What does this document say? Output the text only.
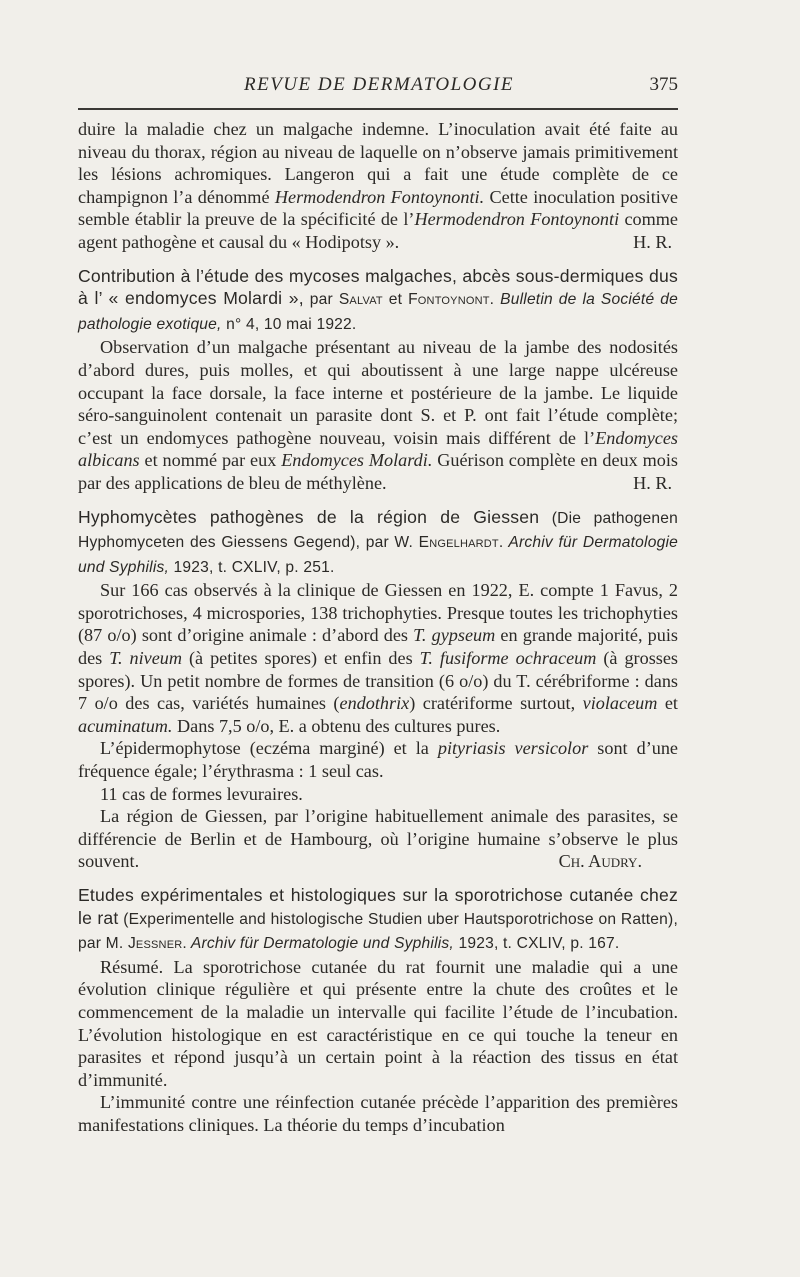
REVUE DE DERMATOLOGIE	375

duire la maladie chez un malgache indemne. L’inoculation avait été faite au niveau du thorax, région au niveau de laquelle on n’observe jamais primitivement les lésions achromiques. Langeron qui a fait une étude complète de ce champignon l’a dénommé Hermodendron Fontoynonti. Cette inoculation positive semble établir la preuve de la spécificité de l’Hermodendron Fontoynonti comme agent pathogène et causal du « Hodipotsy ».	H. R.

Contribution à l’étude des mycoses malgaches, abcès sous-dermiques dus à l’ « endomyces Molardi », par Salvat et Fontoynont. Bulletin de la Société de pathologie exotique, n° 4, 10 mai 1922.

Observation d’un malgache présentant au niveau de la jambe des nodosités d’abord dures, puis molles, et qui aboutissent à une large nappe ulcéreuse occupant la face dorsale, la face interne et postérieure de la jambe. Le liquide séro-sanguinolent contenait un parasite dont S. et P. ont fait l’étude complète; c’est un endomyces pathogène nouveau, voisin mais différent de l’Endomyces albicans et nommé par eux Endomyces Molardi. Guérison complète en deux mois par des applications de bleu de méthylène.	H. R.

Hyphomycètes pathogènes de la région de Giessen (Die pathogenen Hyphomyceten des Giessens Gegend), par W. Engelhardt. Archiv für Dermatologie und Syphilis, 1923, t. CXLIV, p. 251.

Sur 166 cas observés à la clinique de Giessen en 1922, E. compte 1 Favus, 2 sporotrichoses, 4 microspories, 138 trichophyties. Presque toutes les trichophyties (87 o/o) sont d’origine animale : d’abord des T. gypseum en grande majorité, puis des T. niveum (à petites spores) et enfin des T. fusiforme ochraceum (à grosses spores). Un petit nombre de formes de transition (6 o/o) du T. cérébriforme : dans 7 o/o des cas, variétés humaines (endothrix) cratériforme surtout, violaceum et acuminatum. Dans 7,5 o/o, E. a obtenu des cultures pures.

L’épidermophytose (eczéma marginé) et la pityriasis versicolor sont d’une fréquence égale; l’érythrasma : 1 seul cas.

11 cas de formes levuraires.

La région de Giessen, par l’origine habituellement animale des parasites, se différencie de Berlin et de Hambourg, où l’origine humaine s’observe le plus souvent.	Ch. Audry.

Etudes expérimentales et histologiques sur la sporotrichose cutanée chez le rat (Experimentelle and histologische Studien uber Hautsporotrichose on Ratten), par M. Jessner. Archiv für Dermatologie und Syphilis, 1923, t. CXLIV, p. 167.

Résumé. La sporotrichose cutanée du rat fournit une maladie qui a une évolution clinique régulière et qui présente entre la chute des croûtes et le commencement de la maladie un intervalle qui facilite l’étude de l’incubation. L’évolution histologique en est caractéristique en ce qui touche la teneur en parasites et répond jusqu’à un certain point à la réaction des tissus en état d’immunité.

L’immunité contre une réinfection cutanée précède l’apparition des premières manifestations cliniques. La théorie du temps d’incubation
